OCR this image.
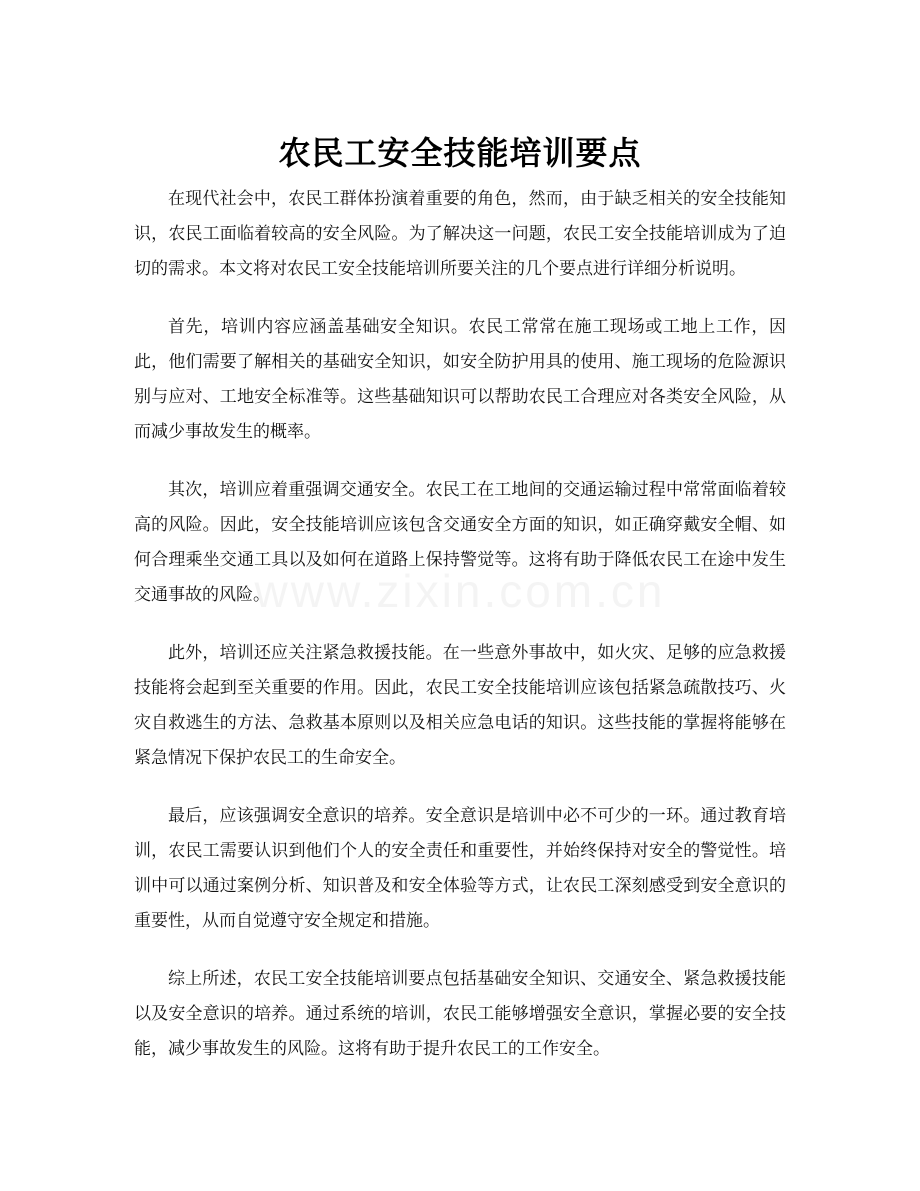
www.zixin.com.cn
农民工安全技能培训要点

在现代社会中，农民工群体扮演着重要的角色，然而，由于缺乏相关的安全技能知识，农民工面临着较高的安全风险。为了解决这一问题，农民工安全技能培训成为了迫切的需求。本文将对农民工安全技能培训所要关注的几个要点进行详细分析说明。

首先，培训内容应涵盖基础安全知识。农民工常常在施工现场或工地上工作，因此，他们需要了解相关的基础安全知识，如安全防护用具的使用、施工现场的危险源识别与应对、工地安全标准等。这些基础知识可以帮助农民工合理应对各类安全风险，从而减少事故发生的概率。

其次，培训应着重强调交通安全。农民工在工地间的交通运输过程中常常面临着较高的风险。因此，安全技能培训应该包含交通安全方面的知识，如正确穿戴安全帽、如何合理乘坐交通工具以及如何在道路上保持警觉等。这将有助于降低农民工在途中发生交通事故的风险。

此外，培训还应关注紧急救援技能。在一些意外事故中，如火灾、足够的应急救援技能将会起到至关重要的作用。因此，农民工安全技能培训应该包括紧急疏散技巧、火灾自救逃生的方法、急救基本原则以及相关应急电话的知识。这些技能的掌握将能够在紧急情况下保护农民工的生命安全。

最后，应该强调安全意识的培养。安全意识是培训中必不可少的一环。通过教育培训，农民工需要认识到他们个人的安全责任和重要性，并始终保持对安全的警觉性。培训中可以通过案例分析、知识普及和安全体验等方式，让农民工深刻感受到安全意识的重要性，从而自觉遵守安全规定和措施。

综上所述，农民工安全技能培训要点包括基础安全知识、交通安全、紧急救援技能以及安全意识的培养。通过系统的培训，农民工能够增强安全意识，掌握必要的安全技能，减少事故发生的风险。这将有助于提升农民工的工作安全。
